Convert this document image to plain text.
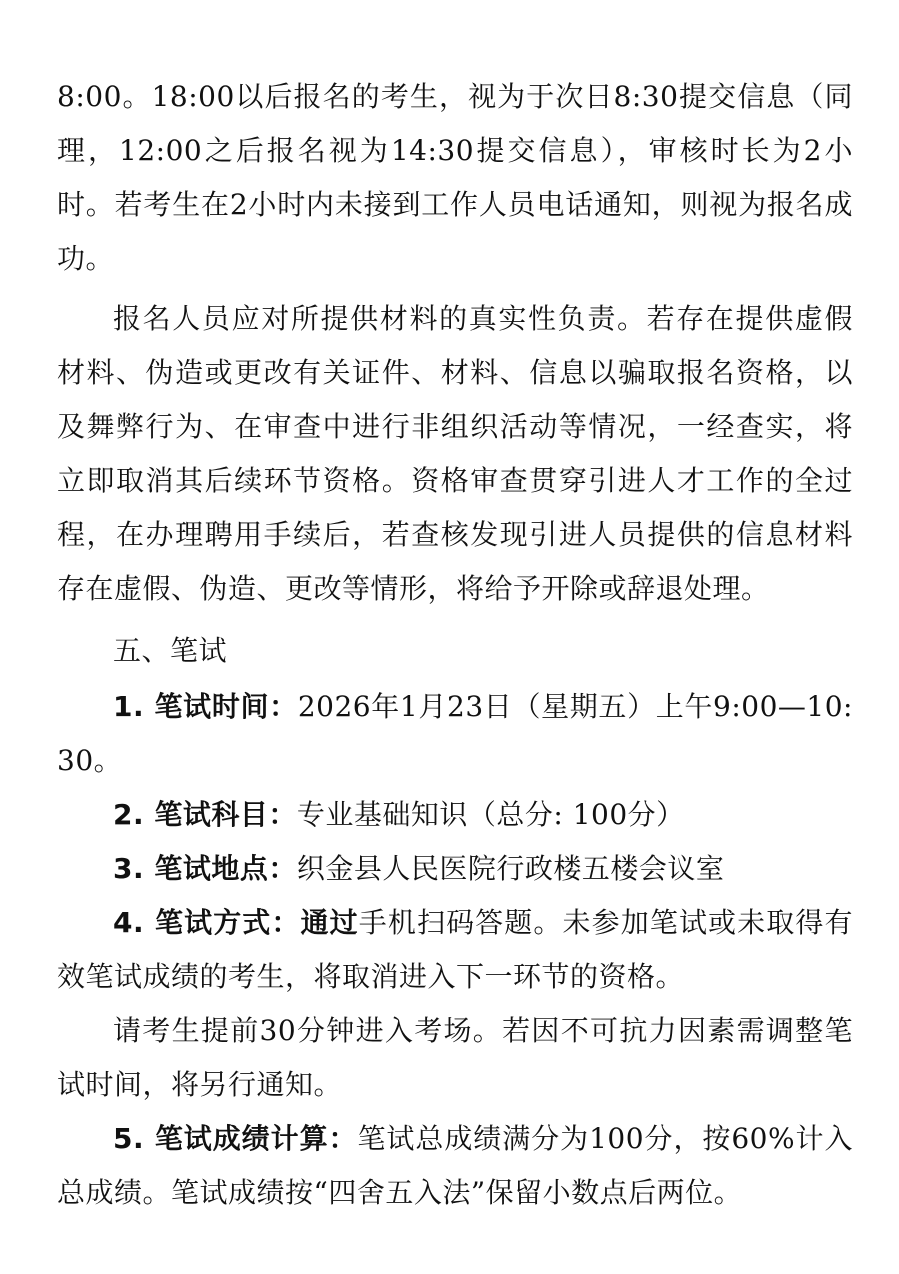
8:00。18:00以后报名的考生，视为于次日8:30提交信息（同理，12:00之后报名视为14:30提交信息），审核时长为2小时。若考生在2小时内未接到工作人员电话通知，则视为报名成功。

报名人员应对所提供材料的真实性负责。若存在提供虚假材料、伪造或更改有关证件、材料、信息以骗取报名资格，以及舞弊行为、在审查中进行非组织活动等情况，一经查实，将立即取消其后续环节资格。资格审查贯穿引进人才工作的全过程，在办理聘用手续后，若查核发现引进人员提供的信息材料存在虚假、伪造、更改等情形，将给予开除或辞退处理。

五、笔试

1. 笔试时间：2026年1月23日（星期五）上午9:00—10:30。

2. 笔试科目：专业基础知识（总分: 100分）

3. 笔试地点：织金县人民医院行政楼五楼会议室

4. 笔试方式：通过手机扫码答题。未参加笔试或未取得有效笔试成绩的考生，将取消进入下一环节的资格。

请考生提前30分钟进入考场。若因不可抗力因素需调整笔试时间，将另行通知。

5. 笔试成绩计算：笔试总成绩满分为100分，按60%计入总成绩。笔试成绩按“四舍五入法”保留小数点后两位。
